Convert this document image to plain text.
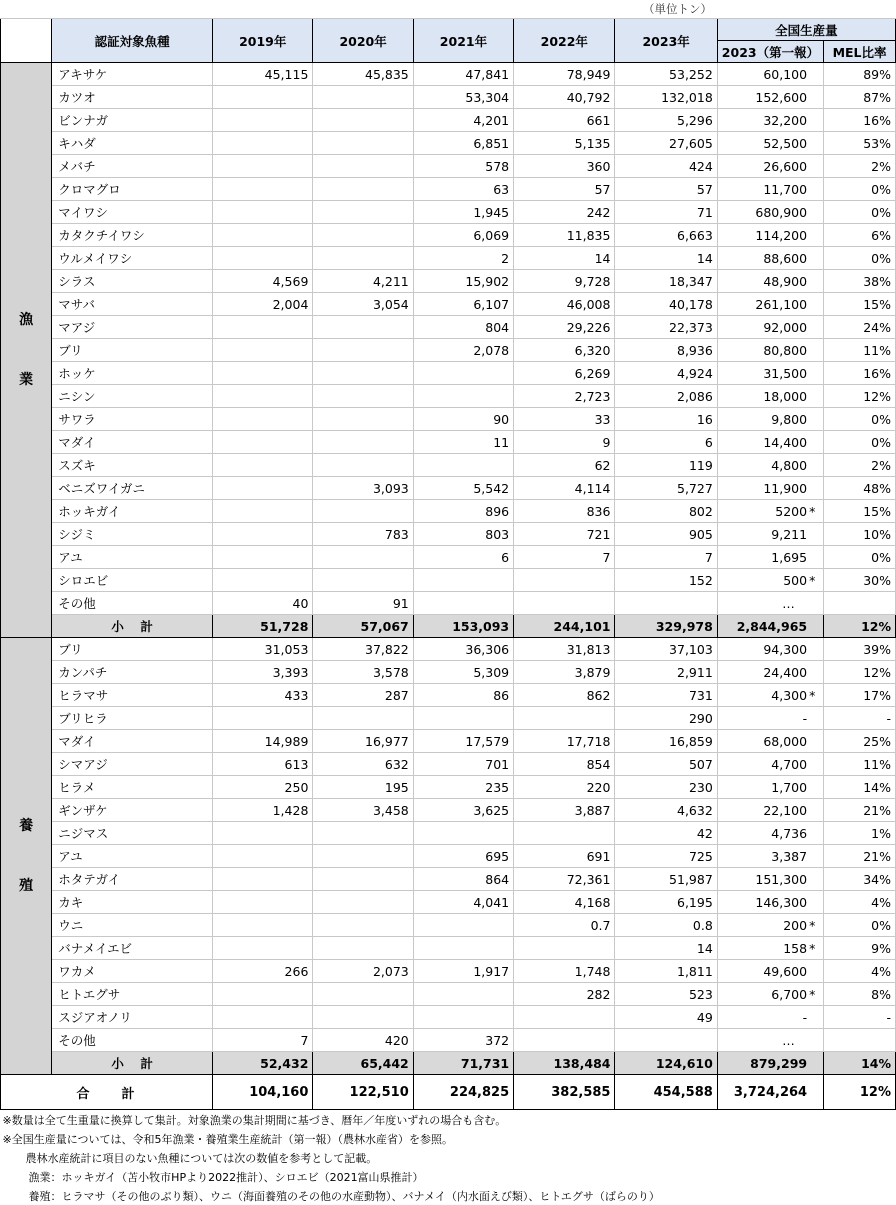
						（単位トン）		
	認証対象魚種	2019年	2020年	2021年	2022年	2023年	全国生産量	
							2023（第一報）	MEL比率
漁

業	アキサケ	45,115	45,835	47,841	78,949	53,252	60,100	89%
	カツオ			53,304	40,792	132,018	152,600	87%
	ビンナガ			4,201	661	5,296	32,200	16%
	キハダ			6,851	5,135	27,605	52,500	53%
	メバチ			578	360	424	26,600	2%
	クロマグロ			63	57	57	11,700	0%
	マイワシ			1,945	242	71	680,900	0%
	カタクチイワシ			6,069	11,835	6,663	114,200	6%
	ウルメイワシ			2	14	14	88,600	0%
	シラス	4,569	4,211	15,902	9,728	18,347	48,900	38%
	マサバ	2,004	3,054	6,107	46,008	40,178	261,100	15%
	マアジ			804	29,226	22,373	92,000	24%
	ブリ			2,078	6,320	8,936	80,800	11%
	ホッケ				6,269	4,924	31,500	16%
	ニシン				2,723	2,086	18,000	12%
	サワラ			90	33	16	9,800	0%
	マダイ			11	9	6	14,400	0%
	スズキ				62	119	4,800	2%
	ベニズワイガニ		3,093	5,542	4,114	5,727	11,900	48%
	ホッキガイ			896	836	802	5200 *	15%
	シジミ		783	803	721	905	9,211	10%
	アユ			6	7	7	1,695	0%
	シロエビ					152	500 *	30%
	その他	40	91				…	
	小　計	51,728	57,067	153,093	244,101	329,978	2,844,965	12%
養

殖	ブリ	31,053	37,822	36,306	31,813	37,103	94,300	39%
	カンパチ	3,393	3,578	5,309	3,879	2,911	24,400	12%
	ヒラマサ	433	287	86	862	731	4,300 *	17%
	ブリヒラ					290	-	-
	マダイ	14,989	16,977	17,579	17,718	16,859	68,000	25%
	シマアジ	613	632	701	854	507	4,700	11%
	ヒラメ	250	195	235	220	230	1,700	14%
	ギンザケ	1,428	3,458	3,625	3,887	4,632	22,100	21%
	ニジマス					42	4,736	1%
	アユ			695	691	725	3,387	21%
	ホタテガイ			864	72,361	51,987	151,300	34%
	カキ			4,041	4,168	6,195	146,300	4%
	ウニ				0.7	0.8	200 *	0%
	バナメイエビ					14	158 *	9%
	ワカメ	266	2,073	1,917	1,748	1,811	49,600	4%
	ヒトエグサ				282	523	6,700 *	8%
	スジアオノリ					49	-	-
	その他	7	420	372			…	
	小　計	52,432	65,442	71,731	138,484	124,610	879,299	14%
合　　計		104,160	122,510	224,825	382,585	454,588	3,724,264	12%
※数量は全て生重量に換算して集計。対象漁業の集計期間に基づき、暦年／年度いずれの場合も含む。								
※全国生産量については、令和5年漁業・養殖業生産統計（第一報）（農林水産省）を参照。								
　農林水産統計に項目のない魚種については次の数値を参考として記載。								
漁業：ホッキガイ（苫小牧市HPより2022推計）、シロエビ（2021富山県推計）								
養殖：ヒラマサ（その他のぶり類）、ウニ（海面養殖のその他の水産動物）、バナメイ（内水面えび類）、ヒトエグサ（ばらのり）								
